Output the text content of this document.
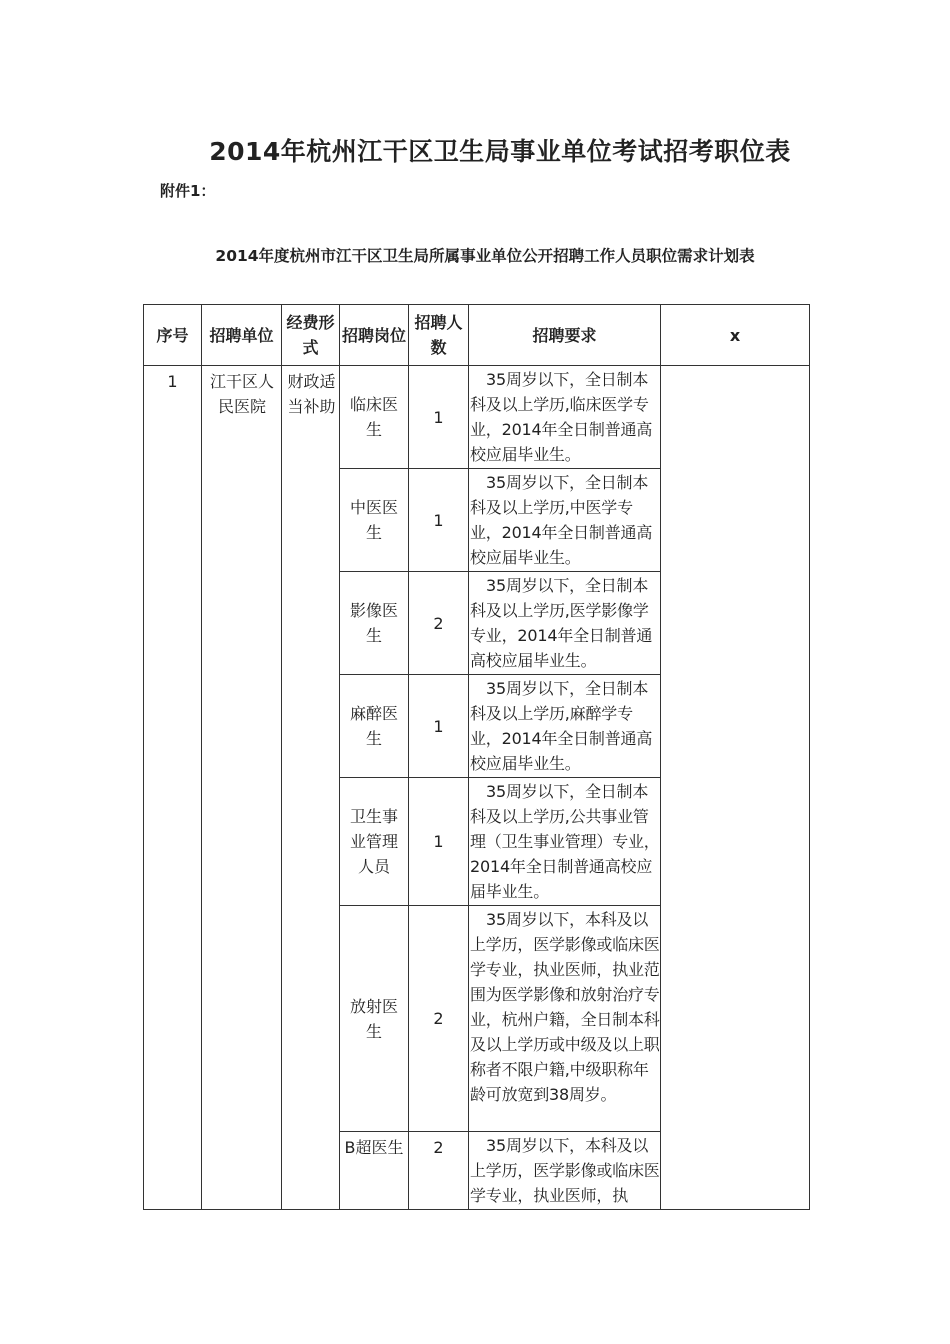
2014年杭州江干区卫生局事业单位考试招考职位表
附件1：
2014年度杭州市江干区卫生局所属事业单位公开招聘工作人员职位需求计划表
序号	招聘单位	经费形式	招聘岗位	招聘人数	招聘要求	x
1	江干区人民医院	财政适当补助	临床医生	1	35周岁以下，全日制本科及以上学历,临床医学专业，2014年全日制普通高校应届毕业生。	
			中医医生	1	35周岁以下，全日制本科及以上学历,中医学专业，2014年全日制普通高校应届毕业生。	
			影像医生	2	35周岁以下，全日制本科及以上学历,医学影像学专业，2014年全日制普通高校应届毕业生。	
			麻醉医生	1	35周岁以下，全日制本科及以上学历,麻醉学专业，2014年全日制普通高校应届毕业生。	
			卫生事业管理人员	1	35周岁以下，全日制本科及以上学历,公共事业管理（卫生事业管理）专业，2014年全日制普通高校应届毕业生。	
			放射医生	2	35周岁以下，本科及以上学历，医学影像或临床医学专业，执业医师，执业范围为医学影像和放射治疗专业，杭州户籍，全日制本科及以上学历或中级及以上职称者不限户籍,中级职称年龄可放宽到38周岁。	
			B超医生	2	35周岁以下，本科及以上学历，医学影像或临床医学专业，执业医师，执	
